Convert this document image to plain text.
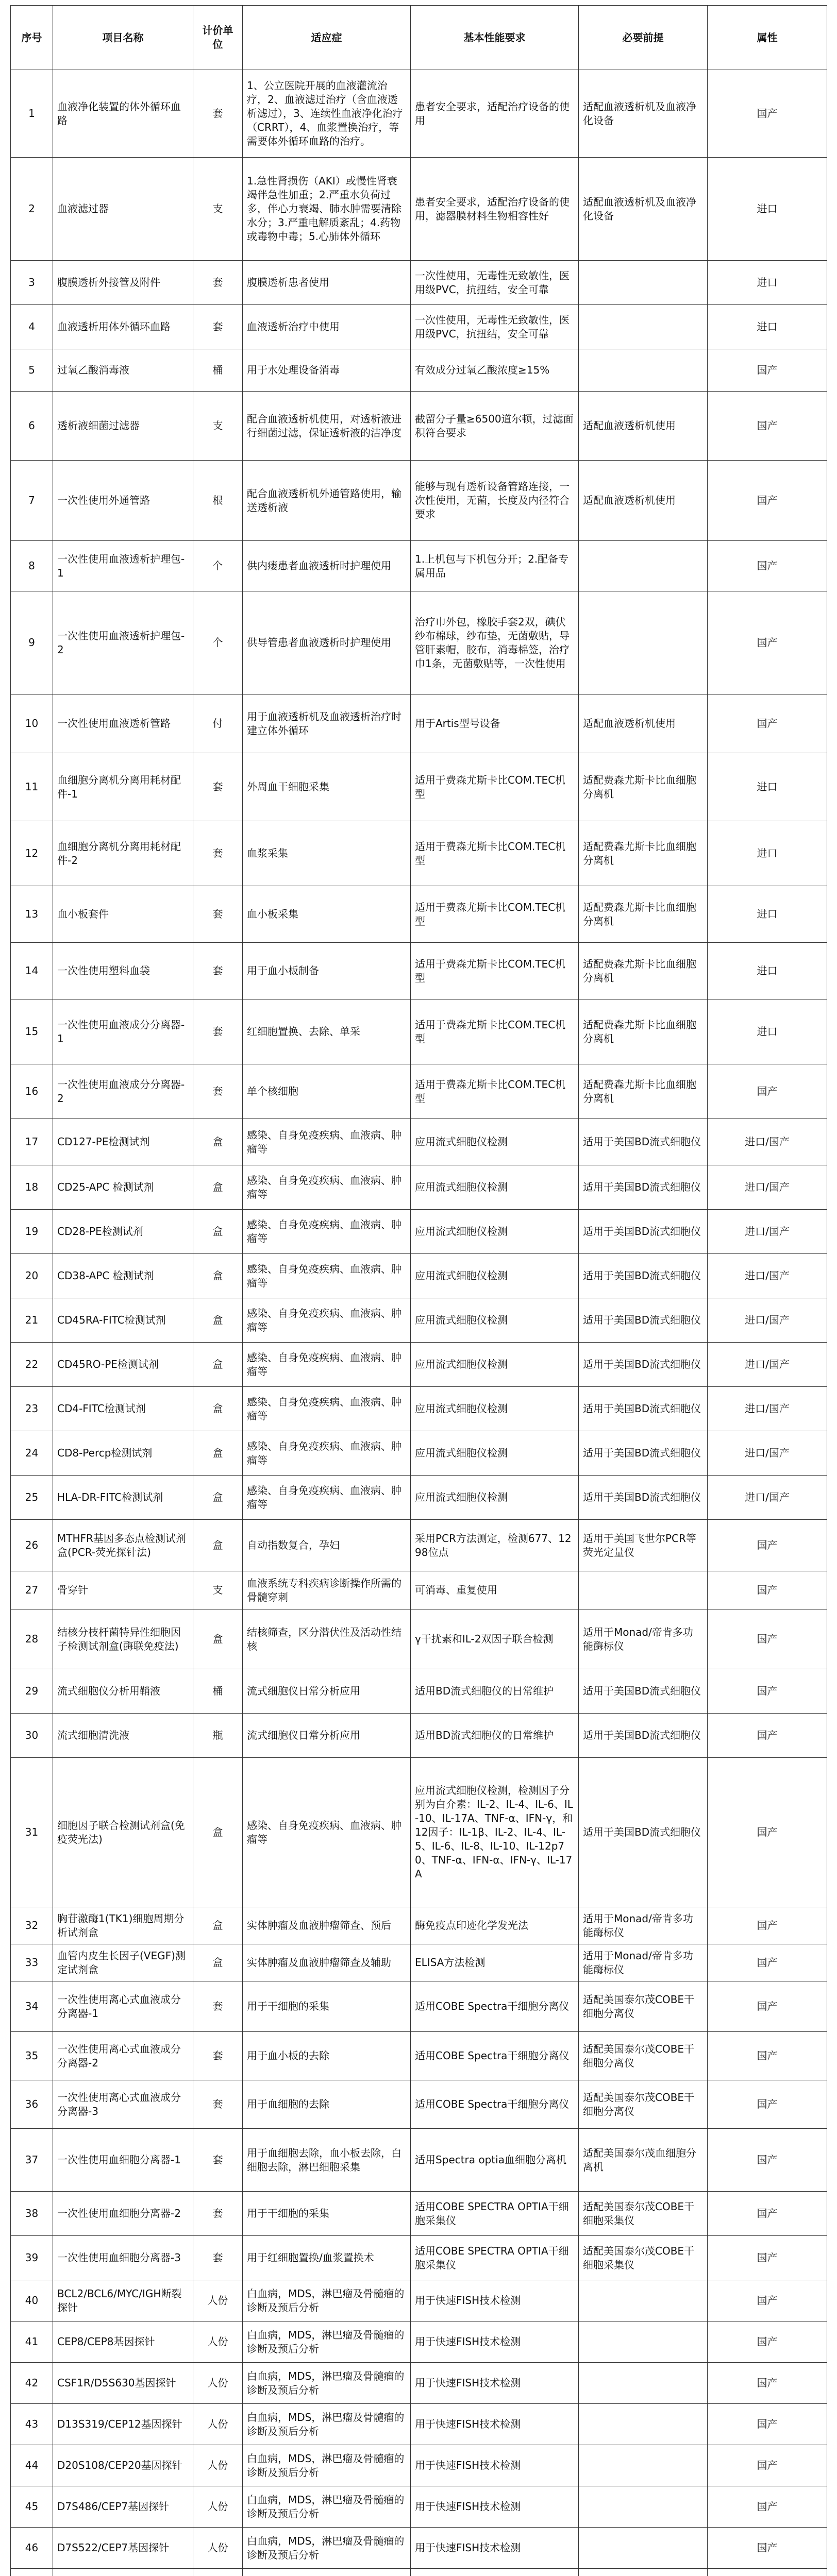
序号	项目名称	计价单位	适应症	基本性能要求	必要前提	属性
1	血液净化装置的体外循环血路	套	1、公立医院开展的血液灌流治疗，2、血液滤过治疗（含血液透析滤过），3、连续性血液净化治疗（CRRT），4、血浆置换治疗，等需要体外循环血路的治疗。	患者安全要求，适配治疗设备的使用	适配血液透析机及血液净化设备	国产
2	血液滤过器	支	1.急性肾损伤（AKI）或慢性肾衰竭伴急性加重；2.严重水负荷过多，伴心力衰竭、肺水肿需要清除水分；3.严重电解质紊乱；4.药物或毒物中毒；5.心肺体外循环	患者安全要求，适配治疗设备的使用，滤器膜材料生物相容性好	适配血液透析机及血液净化设备	进口
3	腹膜透析外接管及附件	套	腹膜透析患者使用	一次性使用，无毒性无致敏性，医用级PVC，抗扭结，安全可靠		进口
4	血液透析用体外循环血路	套	血液透析治疗中使用	一次性使用，无毒性无致敏性，医用级PVC，抗扭结，安全可靠		进口
5	过氧乙酸消毒液	桶	用于水处理设备消毒	有效成分过氧乙酸浓度≥15%		国产
6	透析液细菌过滤器	支	配合血液透析机使用，对透析液进行细菌过滤，保证透析液的洁净度	截留分子量≥6500道尔顿，过滤面积符合要求	适配血液透析机使用	国产
7	一次性使用外通管路	根	配合血液透析机外通管路使用，输送透析液	能够与现有透析设备管路连接，一次性使用，无菌，长度及内径符合要求	适配血液透析机使用	国产
8	一次性使用血液透析护理包-1	个	供内瘘患者血液透析时护理使用	1.上机包与下机包分开；2.配备专属用品		国产
9	一次性使用血液透析护理包-2	个	供导管患者血液透析时护理使用	治疗巾外包，橡胶手套2双，碘伏纱布棉球，纱布垫，无菌敷贴，导管肝素帽，胶布，消毒棉签，治疗巾1条，无菌敷贴等，一次性使用		国产
10	一次性使用血液透析管路	付	用于血液透析机及血液透析治疗时建立体外循环	用于Artis型号设备	适配血液透析机使用	国产
11	血细胞分离机分离用耗材配件-1	套	外周血干细胞采集	适用于费森尤斯卡比COM.TEC机型	适配费森尤斯卡比血细胞分离机	进口
12	血细胞分离机分离用耗材配件-2	套	血浆采集	适用于费森尤斯卡比COM.TEC机型	适配费森尤斯卡比血细胞分离机	进口
13	血小板套件	套	血小板采集	适用于费森尤斯卡比COM.TEC机型	适配费森尤斯卡比血细胞分离机	进口
14	一次性使用塑料血袋	套	用于血小板制备	适用于费森尤斯卡比COM.TEC机型	适配费森尤斯卡比血细胞分离机	进口
15	一次性使用血液成分分离器-1	套	红细胞置换、去除、单采	适用于费森尤斯卡比COM.TEC机型	适配费森尤斯卡比血细胞分离机	进口
16	一次性使用血液成分分离器-2	套	单个核细胞	适用于费森尤斯卡比COM.TEC机型	适配费森尤斯卡比血细胞分离机	国产
17	CD127-PE检测试剂	盒	感染、自身免疫疾病、血液病、肿瘤等	应用流式细胞仪检测	适用于美国BD流式细胞仪	进口/国产
18	CD25-APC 检测试剂	盒	感染、自身免疫疾病、血液病、肿瘤等	应用流式细胞仪检测	适用于美国BD流式细胞仪	进口/国产
19	CD28-PE检测试剂	盒	感染、自身免疫疾病、血液病、肿瘤等	应用流式细胞仪检测	适用于美国BD流式细胞仪	进口/国产
20	CD38-APC 检测试剂	盒	感染、自身免疫疾病、血液病、肿瘤等	应用流式细胞仪检测	适用于美国BD流式细胞仪	进口/国产
21	CD45RA-FITC检测试剂	盒	感染、自身免疫疾病、血液病、肿瘤等	应用流式细胞仪检测	适用于美国BD流式细胞仪	进口/国产
22	CD45RO-PE检测试剂	盒	感染、自身免疫疾病、血液病、肿瘤等	应用流式细胞仪检测	适用于美国BD流式细胞仪	进口/国产
23	CD4-FITC检测试剂	盒	感染、自身免疫疾病、血液病、肿瘤等	应用流式细胞仪检测	适用于美国BD流式细胞仪	进口/国产
24	CD8-Percp检测试剂	盒	感染、自身免疫疾病、血液病、肿瘤等	应用流式细胞仪检测	适用于美国BD流式细胞仪	进口/国产
25	HLA-DR-FITC检测试剂	盒	感染、自身免疫疾病、血液病、肿瘤等	应用流式细胞仪检测	适用于美国BD流式细胞仪	进口/国产
26	MTHFR基因多态点检测试剂盒(PCR-荧光探针法)	盒	自动指数复合，孕妇	采用PCR方法测定，检测677、1298位点	适用于美国飞世尔PCR等荧光定量仪	国产
27	骨穿针	支	血液系统专科疾病诊断操作所需的骨髓穿刺	可消毒、重复使用		国产
28	结核分枝杆菌特异性细胞因子检测试剂盒(酶联免疫法)	盒	结核筛查，区分潜伏性及活动性结核	γ干扰素和IL-2双因子联合检测	适用于Monad/帝肯多功能酶标仪	国产
29	流式细胞仪分析用鞘液	桶	流式细胞仪日常分析应用	适用BD流式细胞仪的日常维护	适用于美国BD流式细胞仪	国产
30	流式细胞清洗液	瓶	流式细胞仪日常分析应用	适用BD流式细胞仪的日常维护	适用于美国BD流式细胞仪	国产
31	细胞因子联合检测试剂盒(免疫荧光法)	盒	感染、自身免疫疾病、血液病、肿瘤等	应用流式细胞仪检测，检测因子分别为白介素：IL-2、IL-4、IL-6、IL-10、IL-17A、TNF-α、IFN-γ，和12因子：IL-1β、IL-2、IL-4、IL-5、IL-6、IL-8、IL-10、IL-12p70、TNF-α、IFN-α、IFN-γ、IL-17A	适用于美国BD流式细胞仪	国产
32	胸苷激酶1(TK1)细胞周期分析试剂盒	盒	实体肿瘤及血液肿瘤筛查、预后	酶免疫点印迹化学发光法	适用于Monad/帝肯多功能酶标仪	国产
33	血管内皮生长因子(VEGF)测定试剂盒	盒	实体肿瘤及血液肿瘤筛查及辅助	ELISA方法检测	适用于Monad/帝肯多功能酶标仪	国产
34	一次性使用离心式血液成分分离器-1	套	用于干细胞的采集	适用COBE Spectra干细胞分离仪	适配美国泰尔茂COBE干细胞分离仪	国产
35	一次性使用离心式血液成分分离器-2	套	用于血小板的去除	适用COBE Spectra干细胞分离仪	适配美国泰尔茂COBE干细胞分离仪	国产
36	一次性使用离心式血液成分分离器-3	套	用于血细胞的去除	适用COBE Spectra干细胞分离仪	适配美国泰尔茂COBE干细胞分离仪	国产
37	一次性使用血细胞分离器-1	套	用于血细胞去除，血小板去除，白细胞去除，淋巴细胞采集	适用Spectra optia血细胞分离机	适配美国泰尔茂血细胞分离机	国产
38	一次性使用血细胞分离器-2	套	用于干细胞的采集	适用COBE SPECTRA OPTIA干细胞采集仪	适配美国泰尔茂COBE干细胞采集仪	国产
39	一次性使用血细胞分离器-3	套	用于红细胞置换/血浆置换术	适用COBE SPECTRA OPTIA干细胞采集仪	适配美国泰尔茂COBE干细胞采集仪	国产
40	BCL2/BCL6/MYC/IGH断裂探针	人份	白血病，MDS，淋巴瘤及骨髓瘤的诊断及预后分析	用于快速FISH技术检测		国产
41	CEP8/CEP8基因探针	人份	白血病，MDS，淋巴瘤及骨髓瘤的诊断及预后分析	用于快速FISH技术检测		国产
42	CSF1R/D5S630基因探针	人份	白血病，MDS，淋巴瘤及骨髓瘤的诊断及预后分析	用于快速FISH技术检测		国产
43	D13S319/CEP12基因探针	人份	白血病，MDS，淋巴瘤及骨髓瘤的诊断及预后分析	用于快速FISH技术检测		国产
44	D20S108/CEP20基因探针	人份	白血病，MDS，淋巴瘤及骨髓瘤的诊断及预后分析	用于快速FISH技术检测		国产
45	D7S486/CEP7基因探针	人份	白血病，MDS，淋巴瘤及骨髓瘤的诊断及预后分析	用于快速FISH技术检测		国产
46	D7S522/CEP7基因探针	人份	白血病，MDS，淋巴瘤及骨髓瘤的诊断及预后分析	用于快速FISH技术检测		国产
